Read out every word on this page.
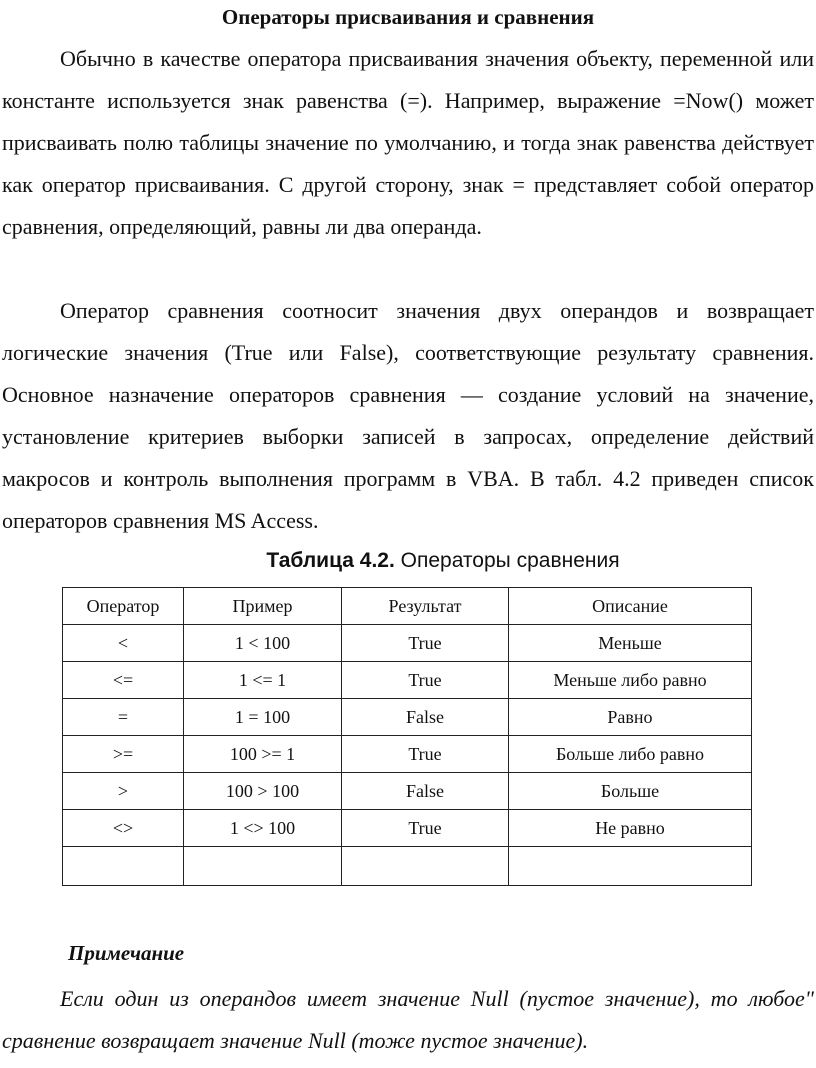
Операторы присваивания и сравнения

Обычно в качестве оператора присваивания значения объекту, переменной или константе используется знак равенства (=). Например, выражение =Now() может присваивать полю таблицы значение по умолчанию, и тогда знак равенства действует как оператор присваивания. С другой сторону, знак = представляет собой оператор сравнения, определяющий, равны ли два операнда.

Оператор сравнения соотносит значения двух операндов и возвращает логические значения (True или False), соответствующие результату сравнения. Основное назначение операторов сравнения — создание условий на значение, установление критериев выборки записей в запросах, определение действий макросов и контроль выполнения программ в VBA. В табл. 4.2 приведен список операторов сравнения MS Access.

Таблица 4.2. Операторы сравнения
Оператор	Пример	Результат	Описание
<	1 < 100	True	Меньше
<=	1 <= 1	True	Меньше либо равно
=	1 = 100	False	Равно
>=	100 >= 1	True	Больше либо равно
>	100 > 100	False	Больше
<>	1 <> 100	True	Не равно

Примечание

Если один из операндов имеет значение Null (пустое значение), то любое" сравнение возвращает значение Null (тоже пустое значение).
